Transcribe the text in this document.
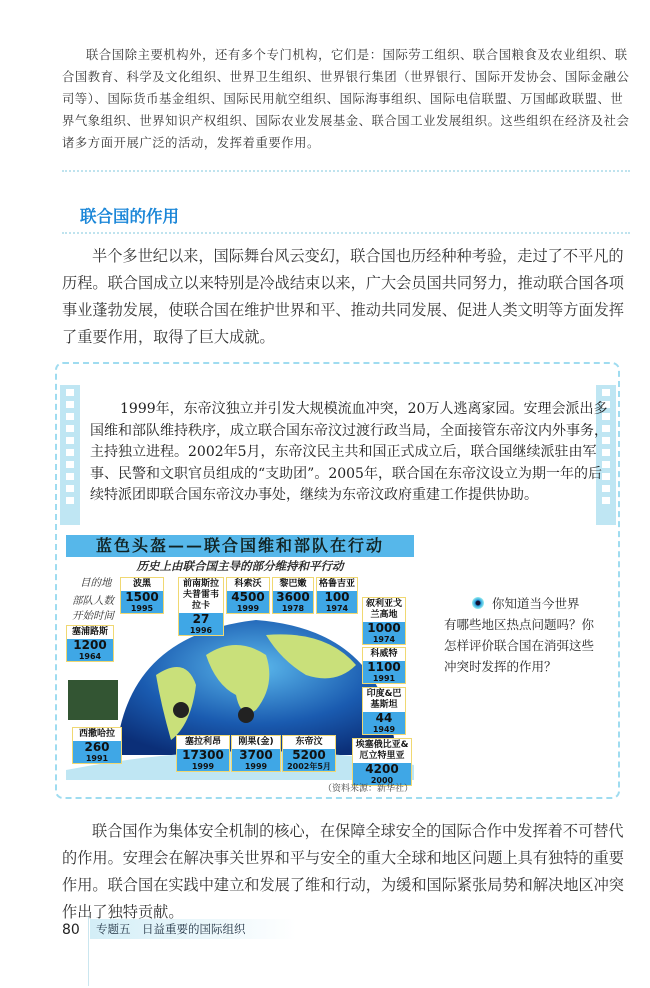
联合国除主要机构外，还有多个专门机构，它们是：国际劳工组织、联合国粮食及农业组织、联合国教育、科学及文化组织、世界卫生组织、世界银行集团（世界银行、国际开发协会、国际金融公司等）、国际货币基金组织、国际民用航空组织、国际海事组织、国际电信联盟、万国邮政联盟、世界气象组织、世界知识产权组织、国际农业发展基金、联合国工业发展组织。这些组织在经济及社会诸多方面开展广泛的活动，发挥着重要作用。
联合国的作用
半个多世纪以来，国际舞台风云变幻，联合国也历经种种考验，走过了不平凡的历程。联合国成立以来特别是冷战结束以来，广大会员国共同努力，推动联合国各项事业蓬勃发展，使联合国在维护世界和平、推动共同发展、促进人类文明等方面发挥了重要作用，取得了巨大成就。
1999年，东帝汶独立并引发大规模流血冲突，20万人逃离家园。安理会派出多国维和部队维持秩序，成立联合国东帝汶过渡行政当局，全面接管东帝汶内外事务，主持独立进程。2002年5月，东帝汶民主共和国正式成立后，联合国继续派驻由军事、民警和文职官员组成的“支助团”。2005年，联合国在东帝汶设立为期一年的后续特派团即联合国东帝汶办事处，继续为东帝汶政府重建工作提供协助。
蓝色头盔——联合国维和部队在行动
历史上由联合国主导的部分维持和平行动
目的地
部队人数
开始时间
波黑
1500
1995
前南斯拉夫普雷韦拉卡
27
1996
科索沃
4500
1999
黎巴嫩
3600
1978
格鲁吉亚
100
1974	叙利亚戈兰高地
1000
1974
塞浦路斯
1200
1964	科威特
1100
1991
印度&巴基斯坦
44
1949
埃塞俄比亚&厄立特里亚
4200
2000
西撒哈拉
260
1991
塞拉利昂
17300
1999
刚果(金)
3700
1999
东帝汶
5200
2002年5月
（资料来源：新华社）
你知道当今世界
有哪些地区热点问题吗？你怎样评价联合国在消弭这些冲突时发挥的作用？
联合国作为集体安全机制的核心，在保障全球安全的国际合作中发挥着不可替代的作用。安理会在解决事关世界和平与安全的重大全球和地区问题上具有独特的重要作用。联合国在实践中建立和发展了维和行动，为缓和国际紧张局势和解决地区冲突作出了独特贡献。
80	专题五　日益重要的国际组织
